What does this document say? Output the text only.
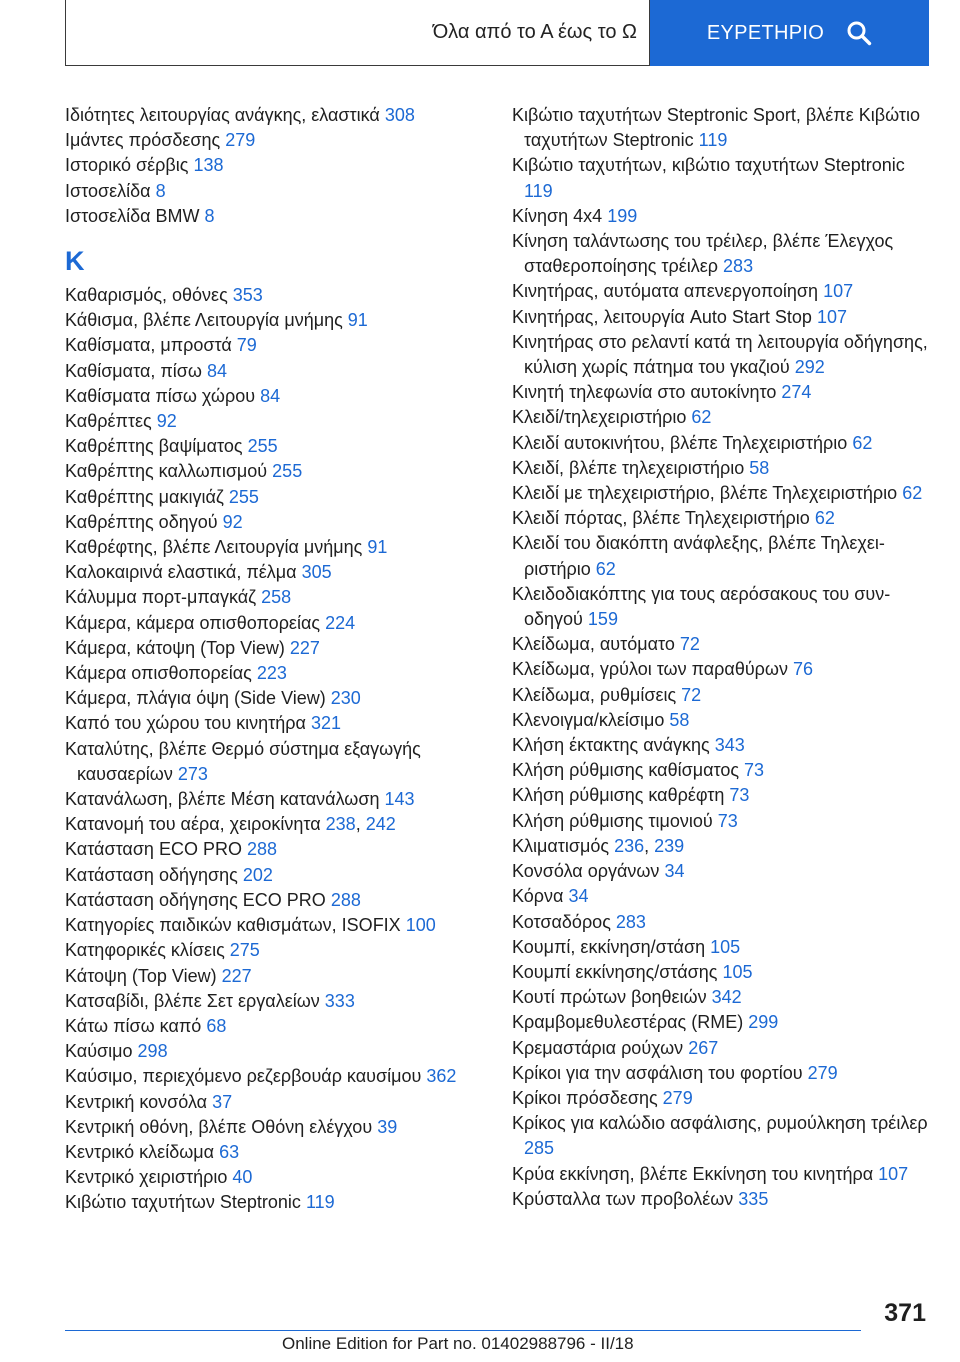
Όλα από το Α έως το Ω	ΕΥΡΕΤΗΡΙΟ
Ιδιότητες λειτουργίας ανάγκης, ελαστικά 308
Ιμάντες πρόσδεσης 279
Ιστορικό σέρβις 138
Ιστοσελίδα 8
Ιστοσελίδα BMW 8
Κ
Καθαρισμός, οθόνες 353
Κάθισμα, βλέπε Λειτουργία μνήμης 91
Καθίσματα, μπροστά 79
Καθίσματα, πίσω 84
Καθίσματα πίσω χώρου 84
Καθρέπτες 92
Καθρέπτης βαψίματος 255
Καθρέπτης καλλωπισμού 255
Καθρέπτης μακιγιάζ 255
Καθρέπτης οδηγού 92
Καθρέφτης, βλέπε Λειτουργία μνήμης 91
Καλοκαιρινά ελαστικά, πέλμα 305
Κάλυμμα πορτ-μπαγκάζ 258
Κάμερα, κάμερα οπισθοπορείας 224
Κάμερα, κάτοψη (Top View) 227
Κάμερα οπισθοπορείας 223
Κάμερα, πλάγια όψη (Side View) 230
Καπό του χώρου του κινητήρα 321
Καταλύτης, βλέπε Θερμό σύστημα εξαγωγής καυσαερίων 273
Κατανάλωση, βλέπε Μέση κατανάλωση 143
Κατανομή του αέρα, χειροκίνητα 238, 242
Κατάσταση ECO PRO 288
Κατάσταση οδήγησης 202
Κατάσταση οδήγησης ECO PRO 288
Κατηγορίες παιδικών καθισμάτων, ISOFIX 100
Κατηφορικές κλίσεις 275
Κάτοψη (Top View) 227
Κατσαβίδι, βλέπε Σετ εργαλείων 333
Κάτω πίσω καπό 68
Καύσιμο 298
Καύσιμο, περιεχόμενο ρεζερβουάρ καυσίμου 362
Κεντρική κονσόλα 37
Κεντρική οθόνη, βλέπε Οθόνη ελέγχου 39
Κεντρικό κλείδωμα 63
Κεντρικό χειριστήριο 40
Κιβώτιο ταχυτήτων Steptronic 119
Κιβώτιο ταχυτήτων Steptronic Sport, βλέπε Κιβώτιο ταχυτήτων Steptronic 119
Κιβώτιο ταχυτήτων, κιβώτιο ταχυτήτων Steptronic 119
Κίνηση 4x4 199
Κίνηση ταλάντωσης του τρέιλερ, βλέπε Έλεγχος σταθεροποίησης τρέιλερ 283
Κινητήρας, αυτόματα απενεργοποίηση 107
Κινητήρας, λειτουργία Auto Start Stop 107
Κινητήρας στο ρελαντί κατά τη λειτουργία οδήγησης, κύλιση χωρίς πάτημα του γκαζιού 292
Κινητή τηλεφωνία στο αυτοκίνητο 274
Κλειδί/τηλεχειριστήριο 62
Κλειδί αυτοκινήτου, βλέπε Τηλεχειριστήριο 62
Κλειδί, βλέπε τηλεχειριστήριο 58
Κλειδί με τηλεχειριστήριο, βλέπε Τηλεχειριστήριο 62
Κλειδί πόρτας, βλέπε Τηλεχειριστήριο 62
Κλειδί του διακόπτη ανάφλεξης, βλέπε Τηλεχειριστήριο 62
Κλειδοδιακόπτης για τους αερόσακους του συνοδηγού 159
Κλείδωμα, αυτόματο 72
Κλείδωμα, γρύλοι των παραθύρων 76
Κλείδωμα, ρυθμίσεις 72
Κλενοιγμα/κλείσιμο 58
Κλήση έκτακτης ανάγκης 343
Κλήση ρύθμισης καθίσματος 73
Κλήση ρύθμισης καθρέφτη 73
Κλήση ρύθμισης τιμονιού 73
Κλιματισμός 236, 239
Κονσόλα οργάνων 34
Κόρνα 34
Κοτσαδόρος 283
Κουμπί, εκκίνηση/στάση 105
Κουμπί εκκίνησης/στάσης 105
Κουτί πρώτων βοηθειών 342
Κραμβομεθυλεστέρας (RME) 299
Κρεμαστάρια ρούχων 267
Κρίκοι για την ασφάλιση του φορτίου 279
Κρίκοι πρόσδεσης 279
Κρίκος για καλώδιο ασφάλισης, ρυμούλκηση τρέιλερ 285
Κρύα εκκίνηση, βλέπε Εκκίνηση του κινητήρα 107
Κρύσταλλα των προβολέων 335
371
Online Edition for Part no. 01402988796 - II/18
